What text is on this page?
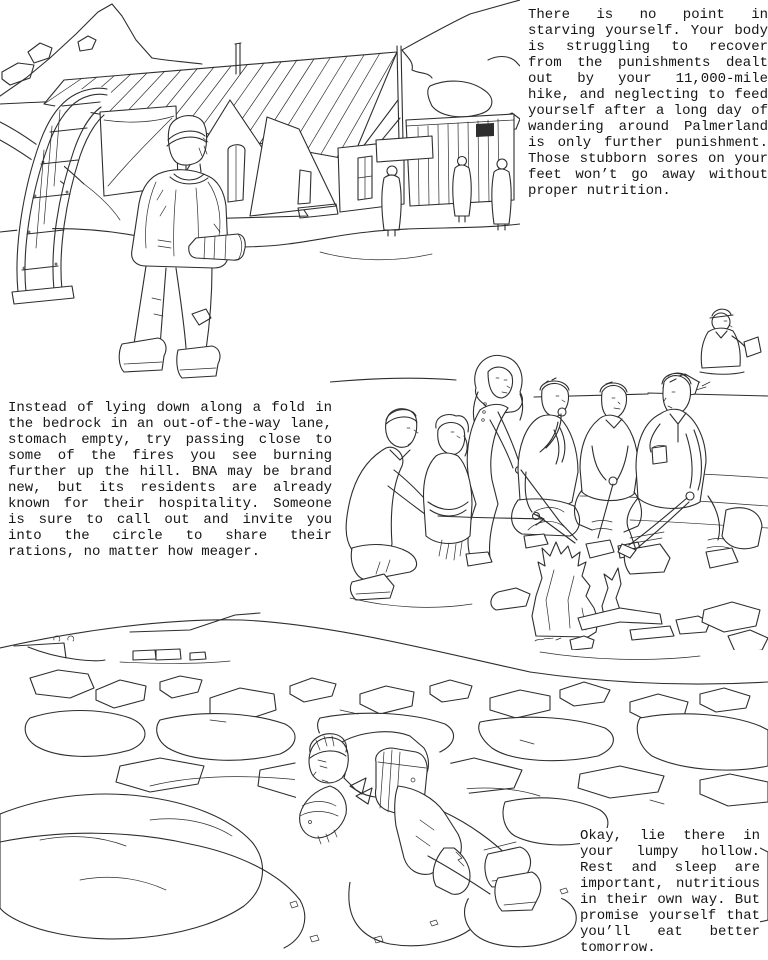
There is no point in starving yourself. Your body is struggling to recover from the punishments dealt out by your 11,000-mile hike, and neglecting to feed yourself after a long day of wandering around Palmerland is only further punishment. Those stubborn sores on your feet won’t go away without proper nutrition.
Instead of lying down along a fold in the bedrock in an out-of-the-way lane, stomach empty, try passing close to some of the fires you see burning further up the hill. BNA may be brand new, but its residents are already known for their hospitality. Someone is sure to call out and invite you into the circle to share their rations, no matter how meager.
Okay, lie there in your lumpy hollow. Rest and sleep are important, nutritious in their own way. But promise yourself that you’ll eat better tomorrow.
